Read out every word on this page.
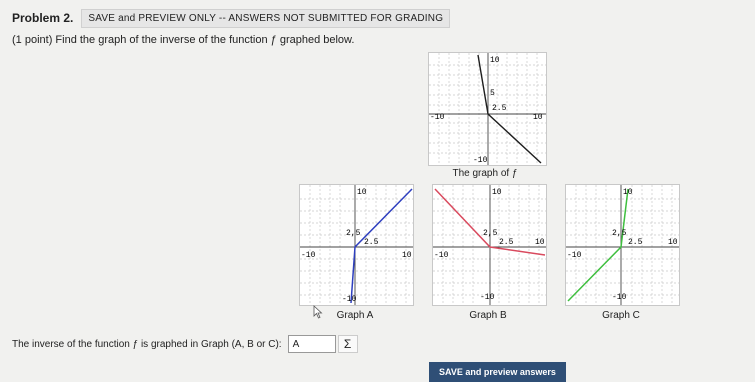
Problem 2.	SAVE and PREVIEW ONLY -- ANSWERS NOT SUBMITTED FOR GRADING
(1 point) Find the graph of the inverse of the function ƒ graphed below.
10
5
2.5
-10	10
-10
The graph of ƒ
10
2,5
2.5
-10	10
-10
Graph A
10
2,5
2.5
-10
10
-10
Graph B
10
2,5
2.5
-10
10
-10
Graph C
The inverse of the function ƒ is graphed in Graph (A, B or C):	A	Σ
SAVE and preview answers
